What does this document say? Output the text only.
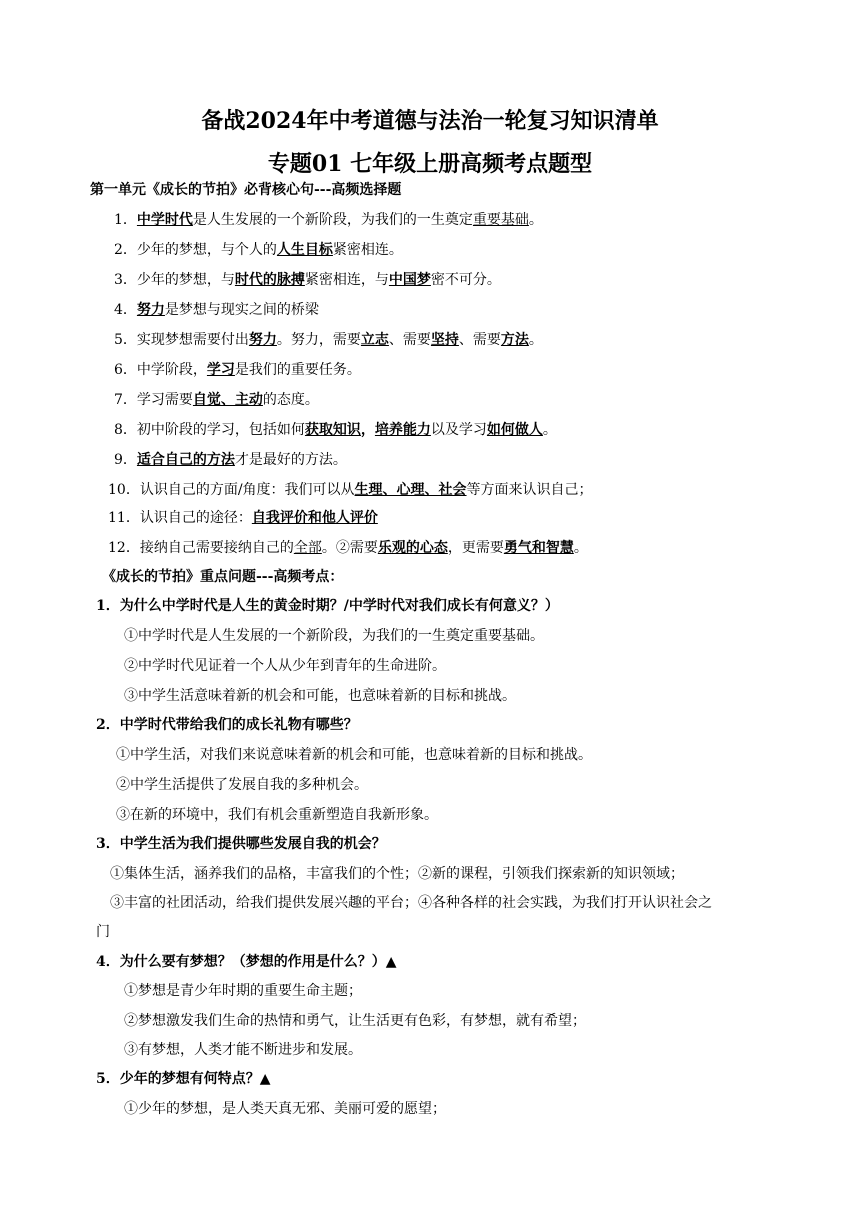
备战2024年中考道德与法治一轮复习知识清单
专题01 七年级上册高频考点题型
第一单元《成长的节拍》必背核心句---高频选择题
1．中学时代是人生发展的一个新阶段，为我们的一生奠定重要基础。
2．少年的梦想，与个人的人生目标紧密相连。
3．少年的梦想，与时代的脉搏紧密相连，与中国梦密不可分。
4．努力是梦想与现实之间的桥梁
5．实现梦想需要付出努力。努力，需要立志、需要坚持、需要方法。
6．中学阶段，学习是我们的重要任务。
7．学习需要自觉、主动的态度。
8．初中阶段的学习，包括如何获取知识，培养能力以及学习如何做人。
9．适合自己的方法才是最好的方法。
10．认识自己的方面/角度：我们可以从生理、心理、社会等方面来认识自己；
11．认识自己的途径：自我评价和他人评价
12．接纳自己需要接纳自己的全部。②需要乐观的心态，更需要勇气和智慧。
《成长的节拍》重点问题---高频考点：
1．为什么中学时代是人生的黄金时期？/中学时代对我们成长有何意义？）
①中学时代是人生发展的一个新阶段，为我们的一生奠定重要基础。
②中学时代见证着一个人从少年到青年的生命进阶。
③中学生活意味着新的机会和可能，也意味着新的目标和挑战。
2．中学时代带给我们的成长礼物有哪些？
①中学生活，对我们来说意味着新的机会和可能，也意味着新的目标和挑战。
②中学生活提供了发展自我的多种机会。
③在新的环境中，我们有机会重新塑造自我新形象。
3．中学生活为我们提供哪些发展自我的机会？
①集体生活，涵养我们的品格，丰富我们的个性；②新的课程，引领我们探索新的知识领域；
③丰富的社团活动，给我们提供发展兴趣的平台；④各种各样的社会实践，为我们打开认识社会之
门
4．为什么要有梦想？（梦想的作用是什么？）▲
①梦想是青少年时期的重要生命主题；
②梦想激发我们生命的热情和勇气，让生活更有色彩，有梦想，就有希望；
③有梦想，人类才能不断进步和发展。
5．少年的梦想有何特点？▲
①少年的梦想，是人类天真无邪、美丽可爱的愿望；
